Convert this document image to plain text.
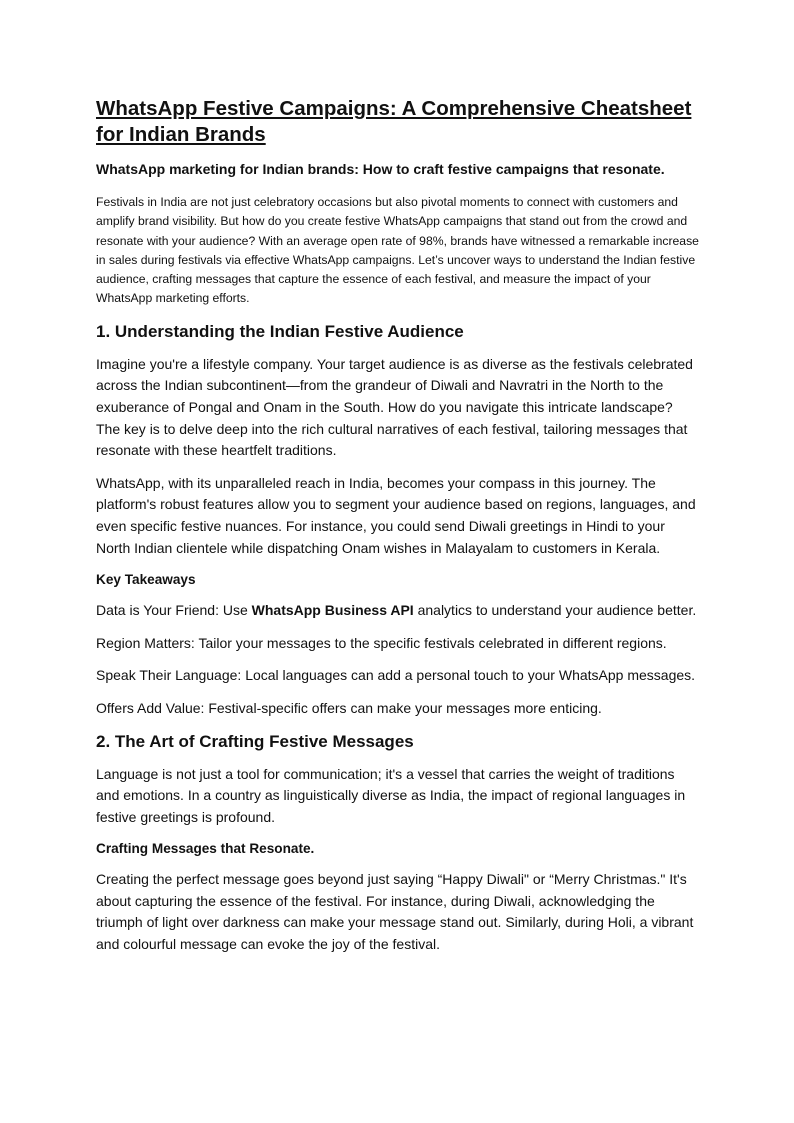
WhatsApp Festive Campaigns: A Comprehensive Cheatsheet for Indian Brands

WhatsApp marketing for Indian brands: How to craft festive campaigns that resonate.

Festivals in India are not just celebratory occasions but also pivotal moments to connect with customers and amplify brand visibility. But how do you create festive WhatsApp campaigns that stand out from the crowd and resonate with your audience? With an average open rate of 98%, brands have witnessed a remarkable increase in sales during festivals via effective WhatsApp campaigns. Let’s uncover ways to understand the Indian festive audience, crafting messages that capture the essence of each festival, and measure the impact of your WhatsApp marketing efforts.

1. Understanding the Indian Festive Audience

Imagine you're a lifestyle company. Your target audience is as diverse as the festivals celebrated across the Indian subcontinent—from the grandeur of Diwali and Navratri in the North to the exuberance of Pongal and Onam in the South. How do you navigate this intricate landscape? The key is to delve deep into the rich cultural narratives of each festival, tailoring messages that resonate with these heartfelt traditions.

WhatsApp, with its unparalleled reach in India, becomes your compass in this journey. The platform's robust features allow you to segment your audience based on regions, languages, and even specific festive nuances. For instance, you could send Diwali greetings in Hindi to your North Indian clientele while dispatching Onam wishes in Malayalam to customers in Kerala.

Key Takeaways

Data is Your Friend: Use WhatsApp Business API analytics to understand your audience better.

Region Matters: Tailor your messages to the specific festivals celebrated in different regions.

Speak Their Language: Local languages can add a personal touch to your WhatsApp messages.

Offers Add Value: Festival-specific offers can make your messages more enticing.

2. The Art of Crafting Festive Messages

Language is not just a tool for communication; it's a vessel that carries the weight of traditions and emotions. In a country as linguistically diverse as India, the impact of regional languages in festive greetings is profound.

Crafting Messages that Resonate.

Creating the perfect message goes beyond just saying “Happy Diwali" or “Merry Christmas." It's about capturing the essence of the festival. For instance, during Diwali, acknowledging the triumph of light over darkness can make your message stand out. Similarly, during Holi, a vibrant and colourful message can evoke the joy of the festival.
